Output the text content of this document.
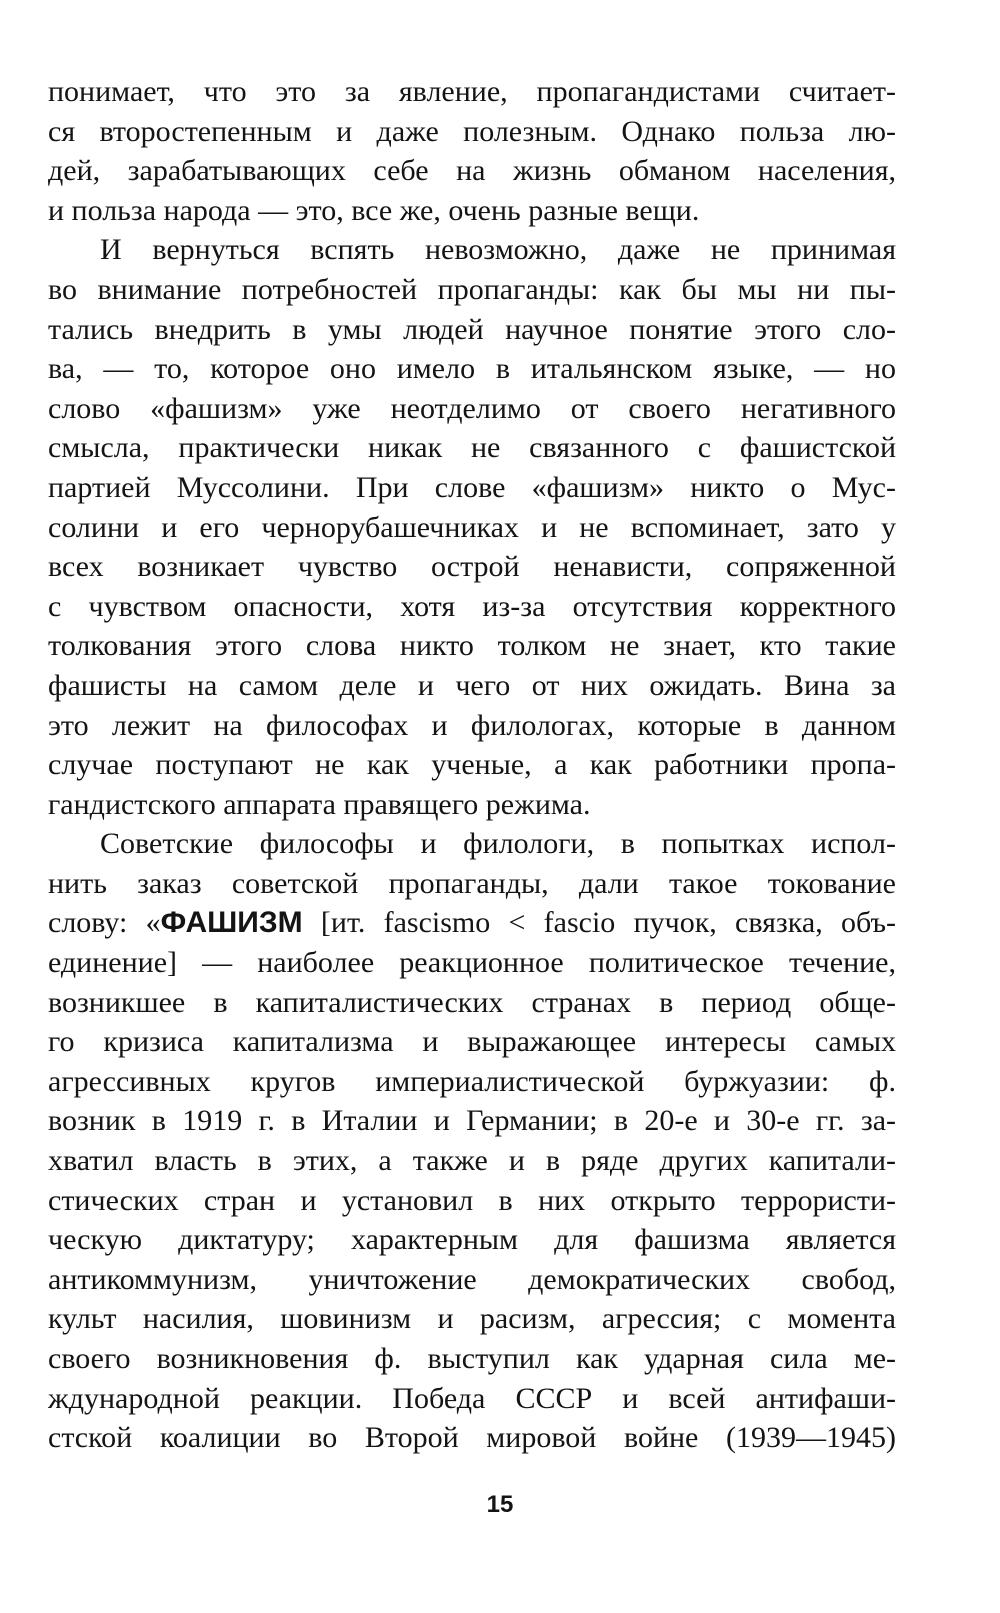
понимает, что это за явление, пропагандистами считает-
ся второстепенным и даже полезным. Однако польза лю-
дей, зарабатывающих себе на жизнь обманом населения,
и польза народа — это, все же, очень разные вещи.
И вернуться вспять невозможно, даже не принимая
во внимание потребностей пропаганды: как бы мы ни пы-
тались внедрить в умы людей научное понятие этого сло-
ва, — то, которое оно имело в итальянском языке, — но
слово «фашизм» уже неотделимо от своего негативного
смысла, практически никак не связанного с фашистской
партией Муссолини. При слове «фашизм» никто о Мус-
солини и его чернорубашечниках и не вспоминает, зато у
всех возникает чувство острой ненависти, сопряженной
с чувством опасности, хотя из-за отсутствия корректного
толкования этого слова никто толком не знает, кто такие
фашисты на самом деле и чего от них ожидать. Вина за
это лежит на философах и филологах, которые в данном
случае поступают не как ученые, а как работники пропа-
гандистского аппарата правящего режима.
Советские философы и филологи, в попытках испол-
нить заказ советской пропаганды, дали такое токование
слову: «ФАШИЗМ [ит. fascismo < fascio пучок, связка, объ-
единение] — наиболее реакционное политическое течение,
возникшее в капиталистических странах в период обще-
го кризиса капитализма и выражающее интересы самых
агрессивных кругов империалистической буржуазии: ф.
возник в 1919 г. в Италии и Германии; в 20-е и 30-е гг. за-
хватил власть в этих, а также и в ряде других капитали-
стических стран и установил в них открыто террористи-
ческую диктатуру; характерным для фашизма является
антикоммунизм, уничтожение демократических свобод,
культ насилия, шовинизм и расизм, агрессия; с момента
своего возникновения ф. выступил как ударная сила ме-
ждународной реакции. Победа СССР и всей антифаши-
стской коалиции во Второй мировой войне (1939—1945)
15
